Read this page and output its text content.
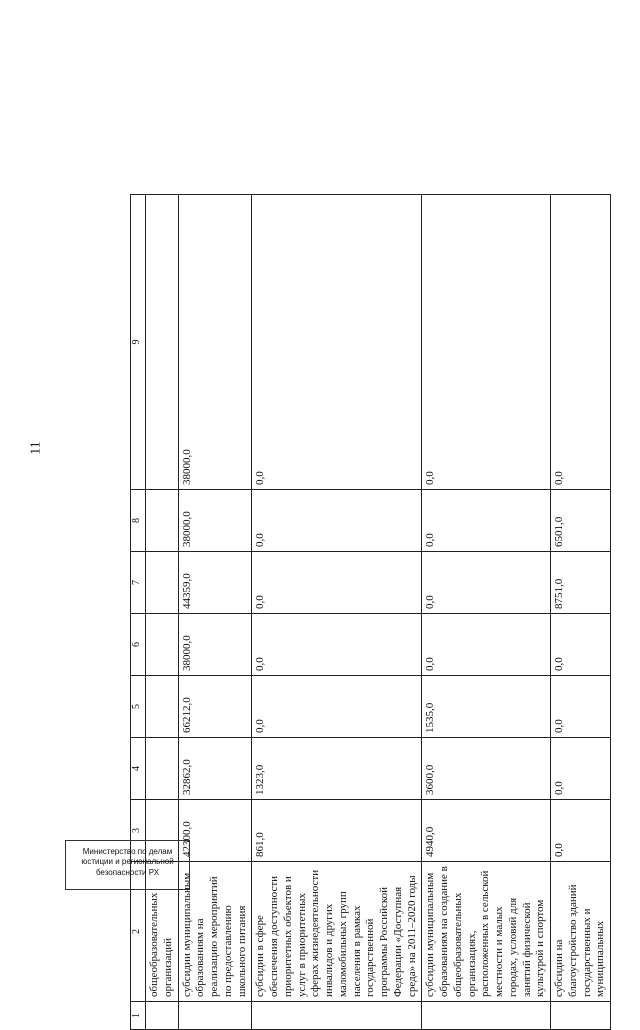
11
1	2	3	4	5	6	7	8	9
	общеобразовательных организаций							
	субсидии муниципальным образованиям на реализацию мероприятий по предоставлению школьного питания	42300,0	32862,0	66212,0	38000,0	44359,0	38000,0	38000,0
	субсидии в сфере обеспечения доступности приоритетных объектов и услуг в приоритетных сферах жизнедеятельности инвалидов и других маломобильных групп населения в рамках государственной программы Российской Федерации «Доступная среда» на 2011–2020 годы	861,0	1323,0	0,0	0,0	0,0	0,0	0,0
	субсидии муниципальным образованиям на создание в общеобразовательных организациях, расположенных в сельской местности и малых городах, условий для занятий физической культурой и спортом	4940,0	3600,0	1535,0	0,0	0,0	0,0	0,0
	субсидии на благоустройство зданий государственных и муниципальных	0,0	0,0	0,0	0,0	8751,0	6501,0	0,0
Министерство по делам
юстиции и региональной
безопасности РХ
